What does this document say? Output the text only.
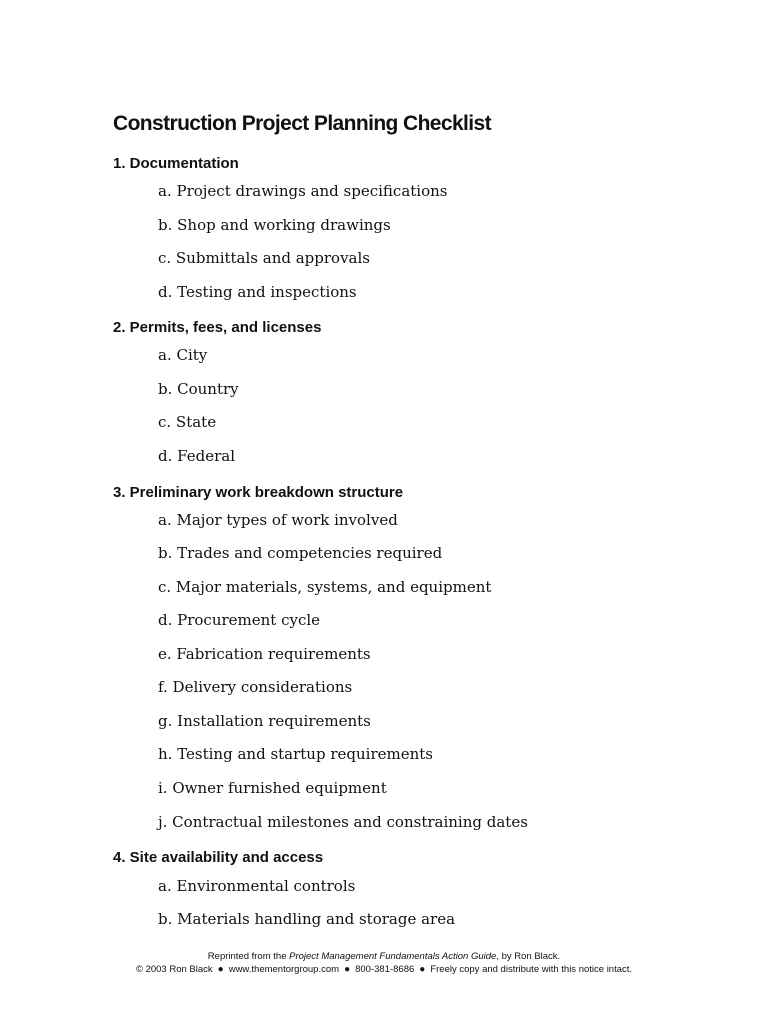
Construction Project Planning Checklist
1. Documentation

a. Project drawings and specifications

b. Shop and working drawings

c. Submittals and approvals

d. Testing and inspections

2. Permits, fees, and licenses

a. City

b. Country

c. State

d. Federal

3. Preliminary work breakdown structure

a. Major types of work involved

b. Trades and competencies required

c. Major materials, systems, and equipment

d. Procurement cycle

e. Fabrication requirements

f. Delivery considerations

g. Installation requirements

h. Testing and startup requirements

i. Owner furnished equipment

j. Contractual milestones and constraining dates

4. Site availability and access

a. Environmental controls

b. Materials handling and storage area

Reprinted from the Project Management Fundamentals Action Guide, by Ron Black.
© 2003 Ron Black ● www.thementorgroup.com ● 800-381-8686 ● Freely copy and distribute with this notice intact.
